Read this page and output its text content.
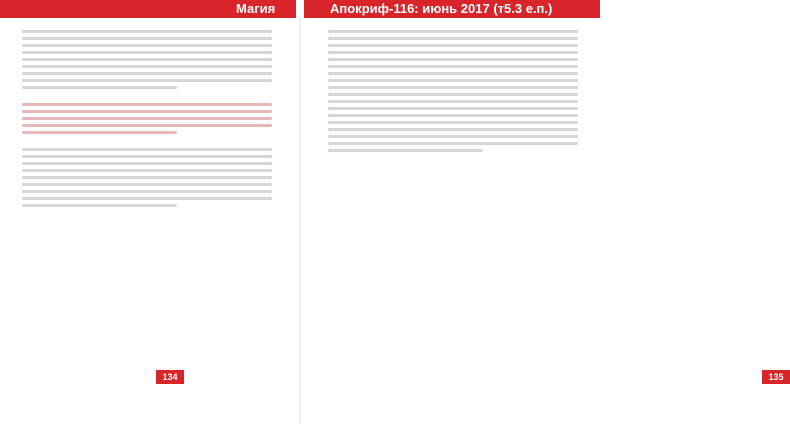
Магия	Апокриф-116: июнь 2017 (т5.3 е.п.)
134	135
